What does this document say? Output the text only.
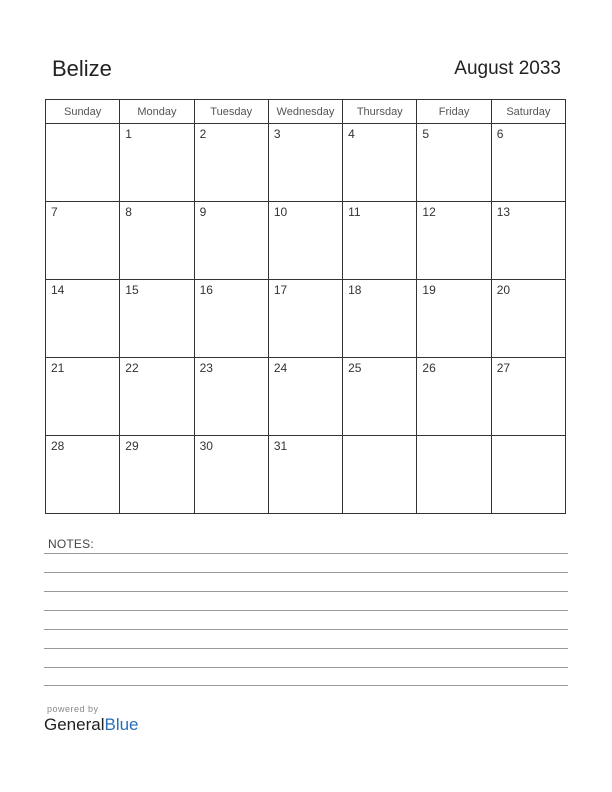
Belize	August 2033
Sunday	Monday	Tuesday	Wednesday	Thursday	Friday	Saturday

	1	2	3	4	5	6

7	8	9	10	11	12	13

14	15	16	17	18	19	20

21	22	23	24	25	26	27

28	29	30	31			

NOTES:
powered by
GeneralBlue
